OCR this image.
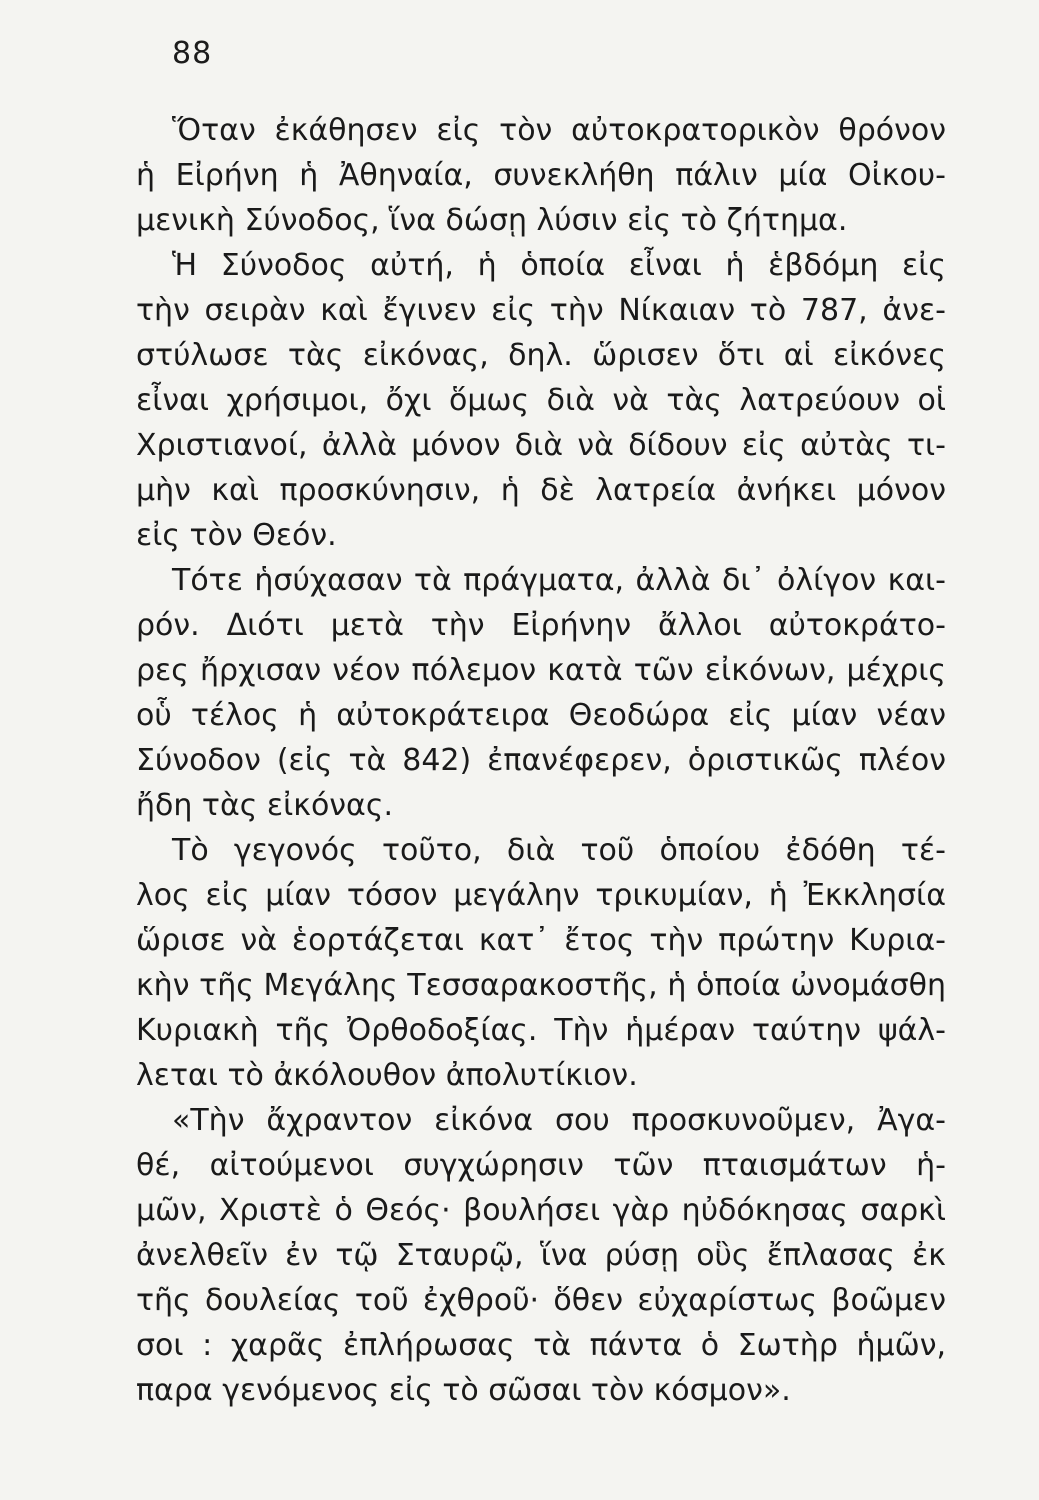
88
Ὅταν ἐκάθησεν εἰς τὸν αὐτοκρατορικὸν θρόνον
ἡ Εἰρήνη ἡ Ἀθηναία, συνεκλήθη πάλιν μία Οἰκου-
μενικὴ Σύνοδος, ἵνα δώσῃ λύσιν εἰς τὸ ζήτημα.
Ἡ Σύνοδος αὐτή, ἡ ὁποία εἶναι ἡ ἑβδόμη εἰς
τὴν σειρὰν καὶ ἔγινεν εἰς τὴν Νίκαιαν τὸ 787, ἀνε-
στύλωσε τὰς εἰκόνας, δηλ. ὥρισεν ὅτι αἱ εἰκόνες
εἶναι χρήσιμοι, ὄχι ὅμως διὰ νὰ τὰς λατρεύουν οἱ
Χριστιανοί, ἀλλὰ μόνον διὰ νὰ δίδουν εἰς αὐτὰς τι-
μὴν καὶ προσκύνησιν, ἡ δὲ λατρεία ἀνήκει μόνον
εἰς τὸν Θεόν.
Τότε ἡσύχασαν τὰ πράγματα, ἀλλὰ δι᾽ ὀλίγον και-
ρόν. Διότι μετὰ τὴν Εἰρήνην ἄλλοι αὐτοκράτο-
ρες ἤρχισαν νέον πόλεμον κατὰ τῶν εἰκόνων, μέχρις
οὗ τέλος ἡ αὐτοκράτειρα Θεοδώρα εἰς μίαν νέαν
Σύνοδον (εἰς τὰ 842) ἐπανέφερεν, ὁριστικῶς πλέον
ἤδη τὰς εἰκόνας.
Τὸ γεγονός τοῦτο, διὰ τοῦ ὁποίου ἐδόθη τέ-
λος εἰς μίαν τόσον μεγάλην τρικυμίαν, ἡ Ἐκκλησία
ὥρισε νὰ ἑορτάζεται κατ᾽ ἔτος τὴν πρώτην Κυρια-
κὴν τῆς Μεγάλης Τεσσαρακοστῆς, ἡ ὁποία ὠνομάσθη
Κυριακὴ τῆς Ὀρθοδοξίας. Τὴν ἡμέραν ταύτην ψάλ-
λεται τὸ ἀκόλουθον ἀπολυτίκιον.
«Τὴν ἄχραντον εἰκόνα σου προσκυνοῦμεν, Ἀγα-
θέ, αἰτούμενοι συγχώρησιν τῶν πταισμάτων ἡ-
μῶν, Χριστὲ ὁ Θεός· βουλήσει γὰρ ηὐδόκησας σαρκὶ
ἀνελθεῖν ἐν τῷ Σταυρῷ, ἵνα ρύσῃ οὓς ἔπλασας ἐκ
τῆς δουλείας τοῦ ἐχθροῦ· ὅθεν εὐχαρίστως βοῶμεν
σοι : χαρᾶς ἐπλήρωσας τὰ πάντα ὁ Σωτὴρ ἡμῶν,
παρα γενόμενος εἰς τὸ σῶσαι τὸν κόσμον».
